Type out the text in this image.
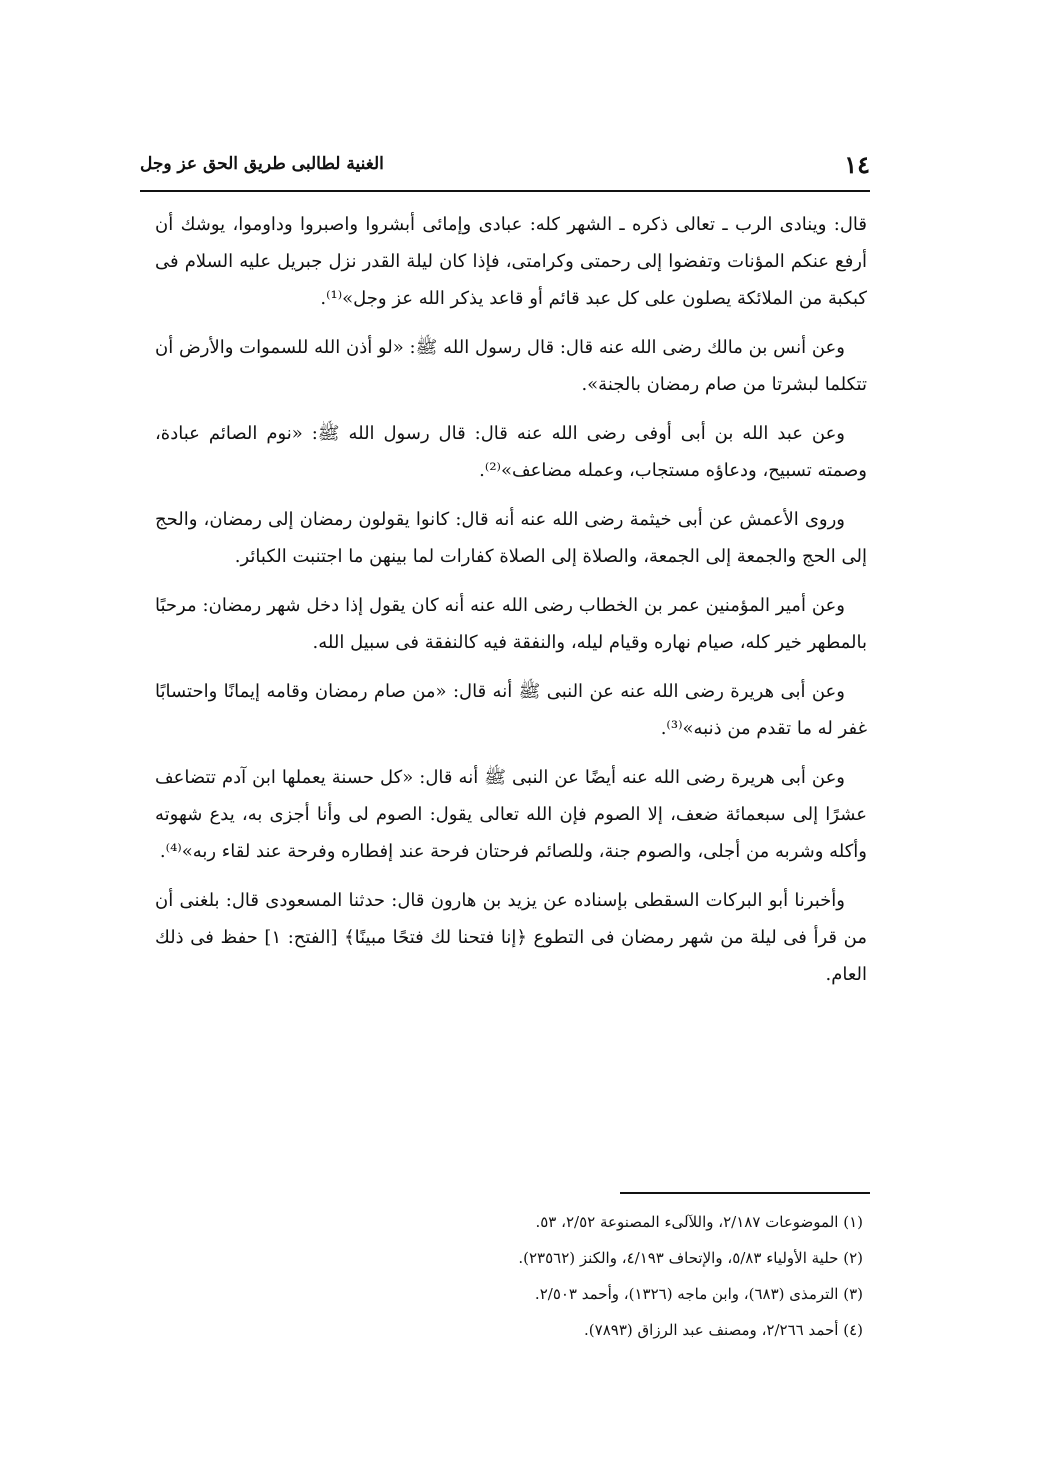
١٤
الغنية لطالبى طريق الحق عز وجل

قال: وينادى الرب ـ تعالى ذكره ـ الشهر كله: عبادى وإمائى أبشروا واصبروا وداوموا، يوشك أن أرفع عنكم المؤنات وتفضوا إلى رحمتى وكرامتى، فإذا كان ليلة القدر نزل جبريل عليه السلام فى كبكبة من الملائكة يصلون على كل عبد قائم أو قاعد يذكر الله عز وجل»⁽¹⁾.

وعن أنس بن مالك رضى الله عنه قال: قال رسول الله ﷺ: «لو أذن الله للسموات والأرض أن تتكلما لبشرتا من صام رمضان بالجنة».

وعن عبد الله بن أبى أوفى رضى الله عنه قال: قال رسول الله ﷺ: «نوم الصائم عبادة، وصمته تسبيح، ودعاؤه مستجاب، وعمله مضاعف»⁽²⁾.

وروى الأعمش عن أبى خيثمة رضى الله عنه أنه قال: كانوا يقولون رمضان إلى رمضان، والحج إلى الحج والجمعة إلى الجمعة، والصلاة إلى الصلاة كفارات لما بينهن ما اجتنبت الكبائر.

وعن أمير المؤمنين عمر بن الخطاب رضى الله عنه أنه كان يقول إذا دخل شهر رمضان: مرحبًا بالمطهر خير كله، صيام نهاره وقيام ليله، والنفقة فيه كالنفقة فى سبيل الله.

وعن أبى هريرة رضى الله عنه عن النبى ﷺ أنه قال: «من صام رمضان وقامه إيمانًا واحتسابًا غفر له ما تقدم من ذنبه»⁽³⁾.

وعن أبى هريرة رضى الله عنه أيضًا عن النبى ﷺ أنه قال: «كل حسنة يعملها ابن آدم تتضاعف عشرًا إلى سبعمائة ضعف، إلا الصوم فإن الله تعالى يقول: الصوم لى وأنا أجزى به، يدع شهوته وأكله وشربه من أجلى، والصوم جنة، وللصائم فرحتان فرحة عند إفطاره وفرحة عند لقاء ربه»⁽⁴⁾.

وأخبرنا أبو البركات السقطى بإسناده عن يزيد بن هارون قال: حدثنا المسعودى قال: بلغنى أن من قرأ فى ليلة من شهر رمضان فى التطوع ﴿إنا فتحنا لك فتحًا مبينًا﴾ [الفتح: ١] حفظ فى ذلك العام.

(١) الموضوعات ٢/١٨٧، واللآلىء المصنوعة ٢/٥٢، ٥٣.

(٢) حلية الأولياء ٥/٨٣، والإتحاف ٤/١٩٣، والكنز (٢٣٥٦٢).

(٣) الترمذى (٦٨٣)، وابن ماجه (١٣٢٦)، وأحمد ٢/٥٠٣.

(٤) أحمد ٢/٢٦٦، ومصنف عبد الرزاق (٧٨٩٣).
